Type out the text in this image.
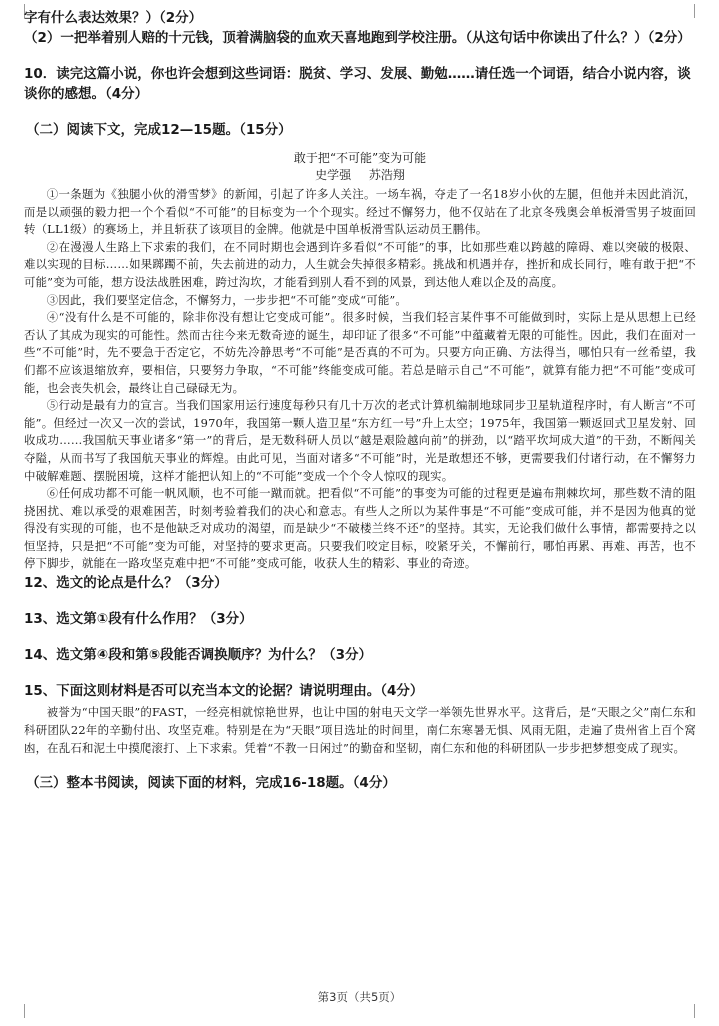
字有什么表达效果？）（2分）

（2）一把举着别人赔的十元钱，顶着满脑袋的血欢天喜地跑到学校注册。（从这句话中你读出了什么？）（2分）

10．读完这篇小说，你也许会想到这些词语：脱贫、学习、发展、勤勉……请任选一个词语，结合小说内容，谈谈你的感想。（4分）

（二）阅读下文，完成12—15题。（15分）

敢于把“不可能”变为可能

史学强 苏浩翔

①一条题为《独腿小伙的滑雪梦》的新闻，引起了许多人关注。一场车祸，夺走了一名18岁小伙的左腿，但他并未因此消沉，而是以顽强的毅力把一个个看似“不可能”的目标变为一个个现实。经过不懈努力，他不仅站在了北京冬残奥会单板滑雪男子坡面回转（LL1级）的赛场上，并且斩获了该项目的金牌。他就是中国单板滑雪队运动员王鹏伟。

②在漫漫人生路上下求索的我们，在不同时期也会遇到许多看似“不可能”的事，比如那些难以跨越的障碍、难以突破的极限、难以实现的目标……如果踯躅不前，失去前进的动力，人生就会失掉很多精彩。挑战和机遇并存，挫折和成长同行，唯有敢于把“不可能”变为可能，想方设法战胜困难，跨过沟坎，才能看到别人看不到的风景，到达他人难以企及的高度。

③因此，我们要坚定信念，不懈努力，一步步把“不可能”变成“可能”。

④“没有什么是不可能的，除非你没有想让它变成可能”。很多时候，当我们轻言某件事不可能做到时，实际上是从思想上已经否认了其成为现实的可能性。然而古往今来无数奇迹的诞生，却印证了很多“不可能”中蕴藏着无限的可能性。因此，我们在面对一些“不可能”时，先不要急于否定它，不妨先冷静思考“不可能”是否真的不可为。只要方向正确、方法得当，哪怕只有一丝希望，我们都不应该退缩放弃，要相信，只要努力争取，“不可能”终能变成可能。若总是暗示自己“不可能”，就算有能力把“不可能”变成可能，也会丧失机会，最终让自己碌碌无为。

⑤行动是最有力的宣言。当我们国家用运行速度每秒只有几十万次的老式计算机编制地球同步卫星轨道程序时，有人断言“不可能”。但经过一次又一次的尝试，1970年，我国第一颗人造卫星“东方红一号”升上太空；1975年，我国第一颗返回式卫星发射、回收成功……我国航天事业诸多“第一”的背后，是无数科研人员以“越是艰险越向前”的拼劲，以“踏平坎坷成大道”的干劲，不断闯关夺隘，从而书写了我国航天事业的辉煌。由此可见，当面对诸多“不可能”时，光是敢想还不够，更需要我们付诸行动，在不懈努力中破解难题、摆脱困境，这样才能把认知上的“不可能”变成一个个令人惊叹的现实。

⑥任何成功都不可能一帆风顺，也不可能一蹴而就。把看似“不可能”的事变为可能的过程更是遍布荆棘坎坷，那些数不清的阻挠困扰、难以承受的艰难困苦，时刻考验着我们的决心和意志。有些人之所以为某件事是“不可能”变成可能，并不是因为他真的觉得没有实现的可能，也不是他缺乏对成功的渴望，而是缺少“不破楼兰终不还”的坚持。其实，无论我们做什么事情，都需要持之以恒坚持，只是把“不可能”变为可能，对坚持的要求更高。只要我们咬定目标，咬紧牙关，不懈前行，哪怕再累、再难、再苦，也不停下脚步，就能在一路攻坚克难中把“不可能”变成可能，收获人生的精彩、事业的奇迹。

12、选文的论点是什么？（3分）

13、选文第①段有什么作用？（3分）

14、选文第④段和第⑤段能否调换顺序？为什么？（3分）

15、下面这则材料是否可以充当本文的论据？请说明理由。（4分）

被誉为“中国天眼”的FAST，一经亮相就惊艳世界，也让中国的射电天文学一举领先世界水平。这背后，是“天眼之父”南仁东和科研团队22年的辛勤付出、攻坚克难。特别是在为“天眼”项目选址的时间里，南仁东寒暑无惧、风雨无阻，走遍了贵州省上百个窝凼，在乱石和泥土中摸爬滚打、上下求索。凭着“不教一日闲过”的勤奋和坚韧，南仁东和他的科研团队一步步把梦想变成了现实。

（三）整本书阅读，阅读下面的材料，完成16-18题。（4分）

第3页（共5页）
